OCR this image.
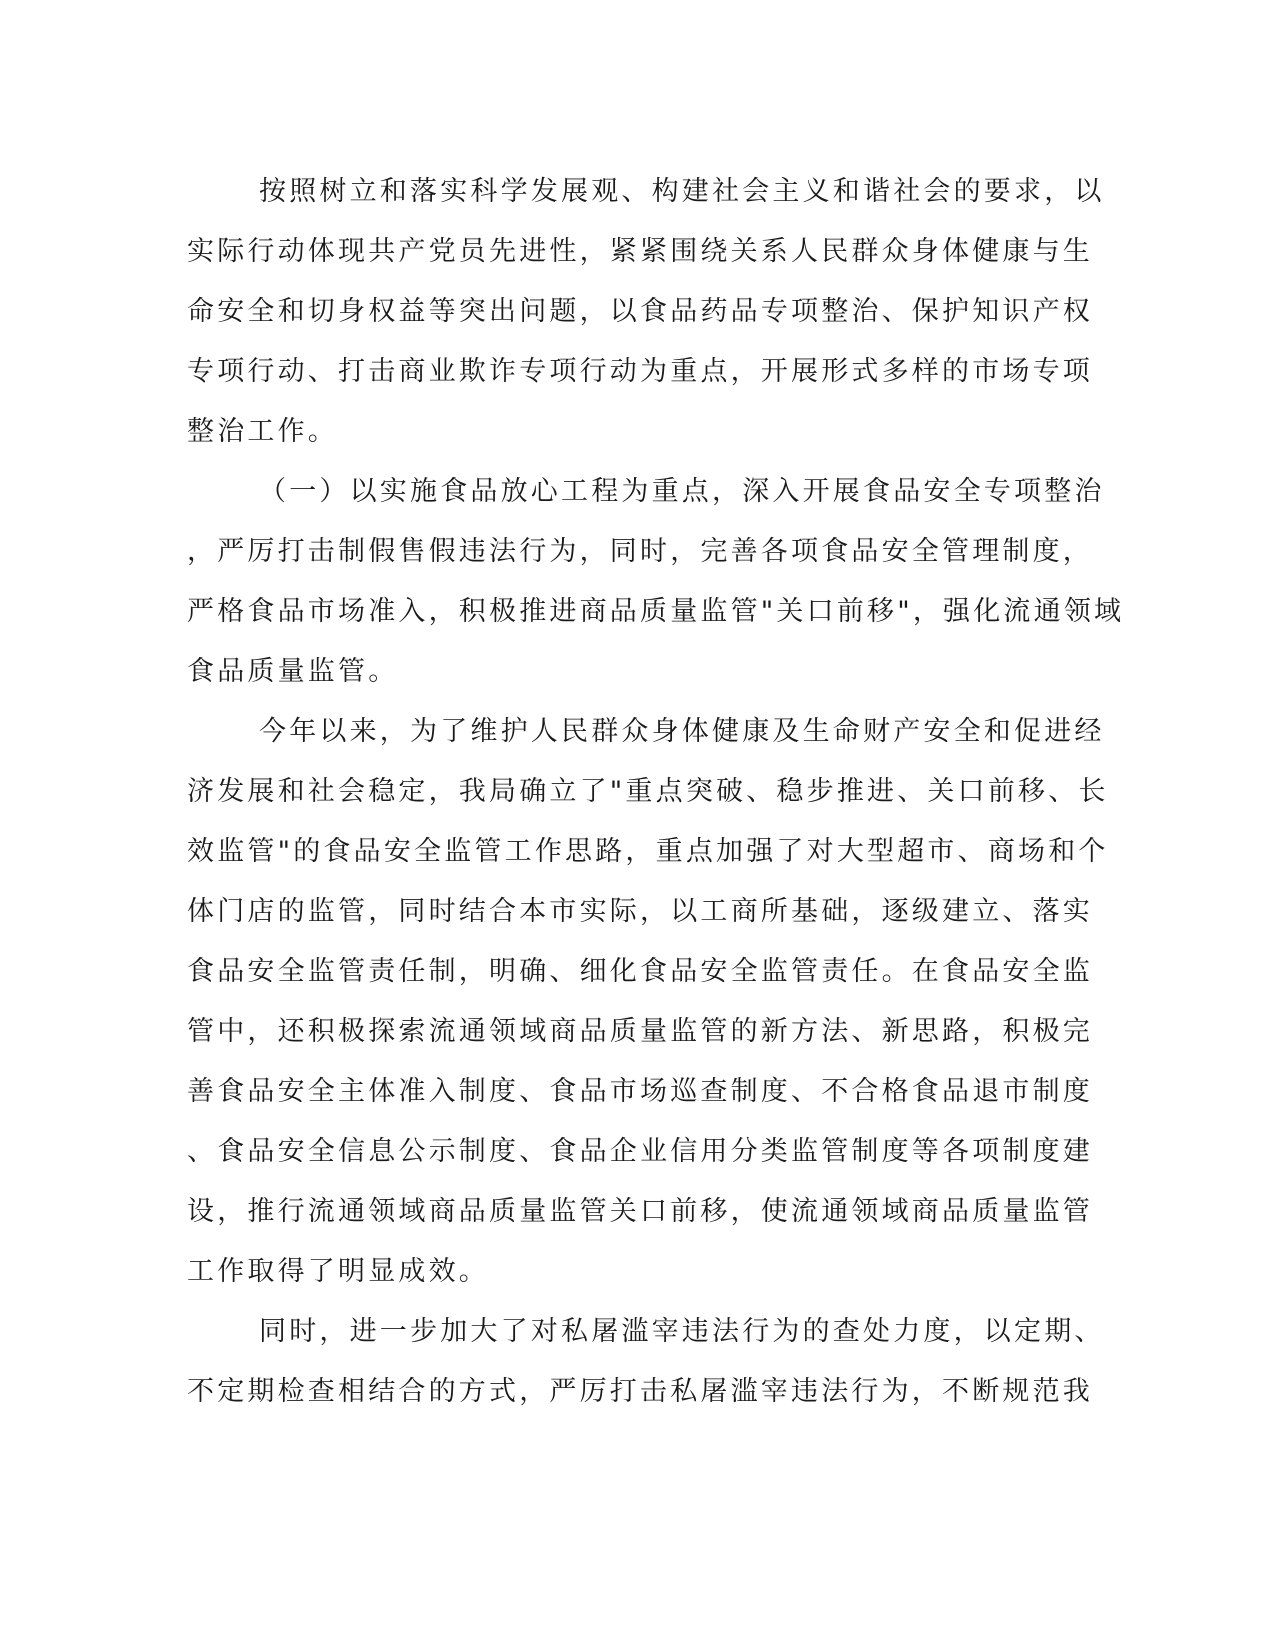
按照树立和落实科学发展观、构建社会主义和谐社会的要求，以
实际行动体现共产党员先进性，紧紧围绕关系人民群众身体健康与生
命安全和切身权益等突出问题，以食品药品专项整治、保护知识产权
专项行动、打击商业欺诈专项行动为重点，开展形式多样的市场专项
整治工作。
（一）以实施食品放心工程为重点，深入开展食品安全专项整治
，严厉打击制假售假违法行为，同时，完善各项食品安全管理制度，
严格食品市场准入，积极推进商品质量监管"关口前移"，强化流通领域
食品质量监管。
今年以来，为了维护人民群众身体健康及生命财产安全和促进经
济发展和社会稳定，我局确立了"重点突破、稳步推进、关口前移、长
效监管"的食品安全监管工作思路，重点加强了对大型超市、商场和个
体门店的监管，同时结合本市实际，以工商所基础，逐级建立、落实
食品安全监管责任制，明确、细化食品安全监管责任。在食品安全监
管中，还积极探索流通领域商品质量监管的新方法、新思路，积极完
善食品安全主体准入制度、食品市场巡查制度、不合格食品退市制度
、食品安全信息公示制度、食品企业信用分类监管制度等各项制度建
设，推行流通领域商品质量监管关口前移，使流通领域商品质量监管
工作取得了明显成效。
同时，进一步加大了对私屠滥宰违法行为的查处力度，以定期、
不定期检查相结合的方式，严厉打击私屠滥宰违法行为，不断规范我
